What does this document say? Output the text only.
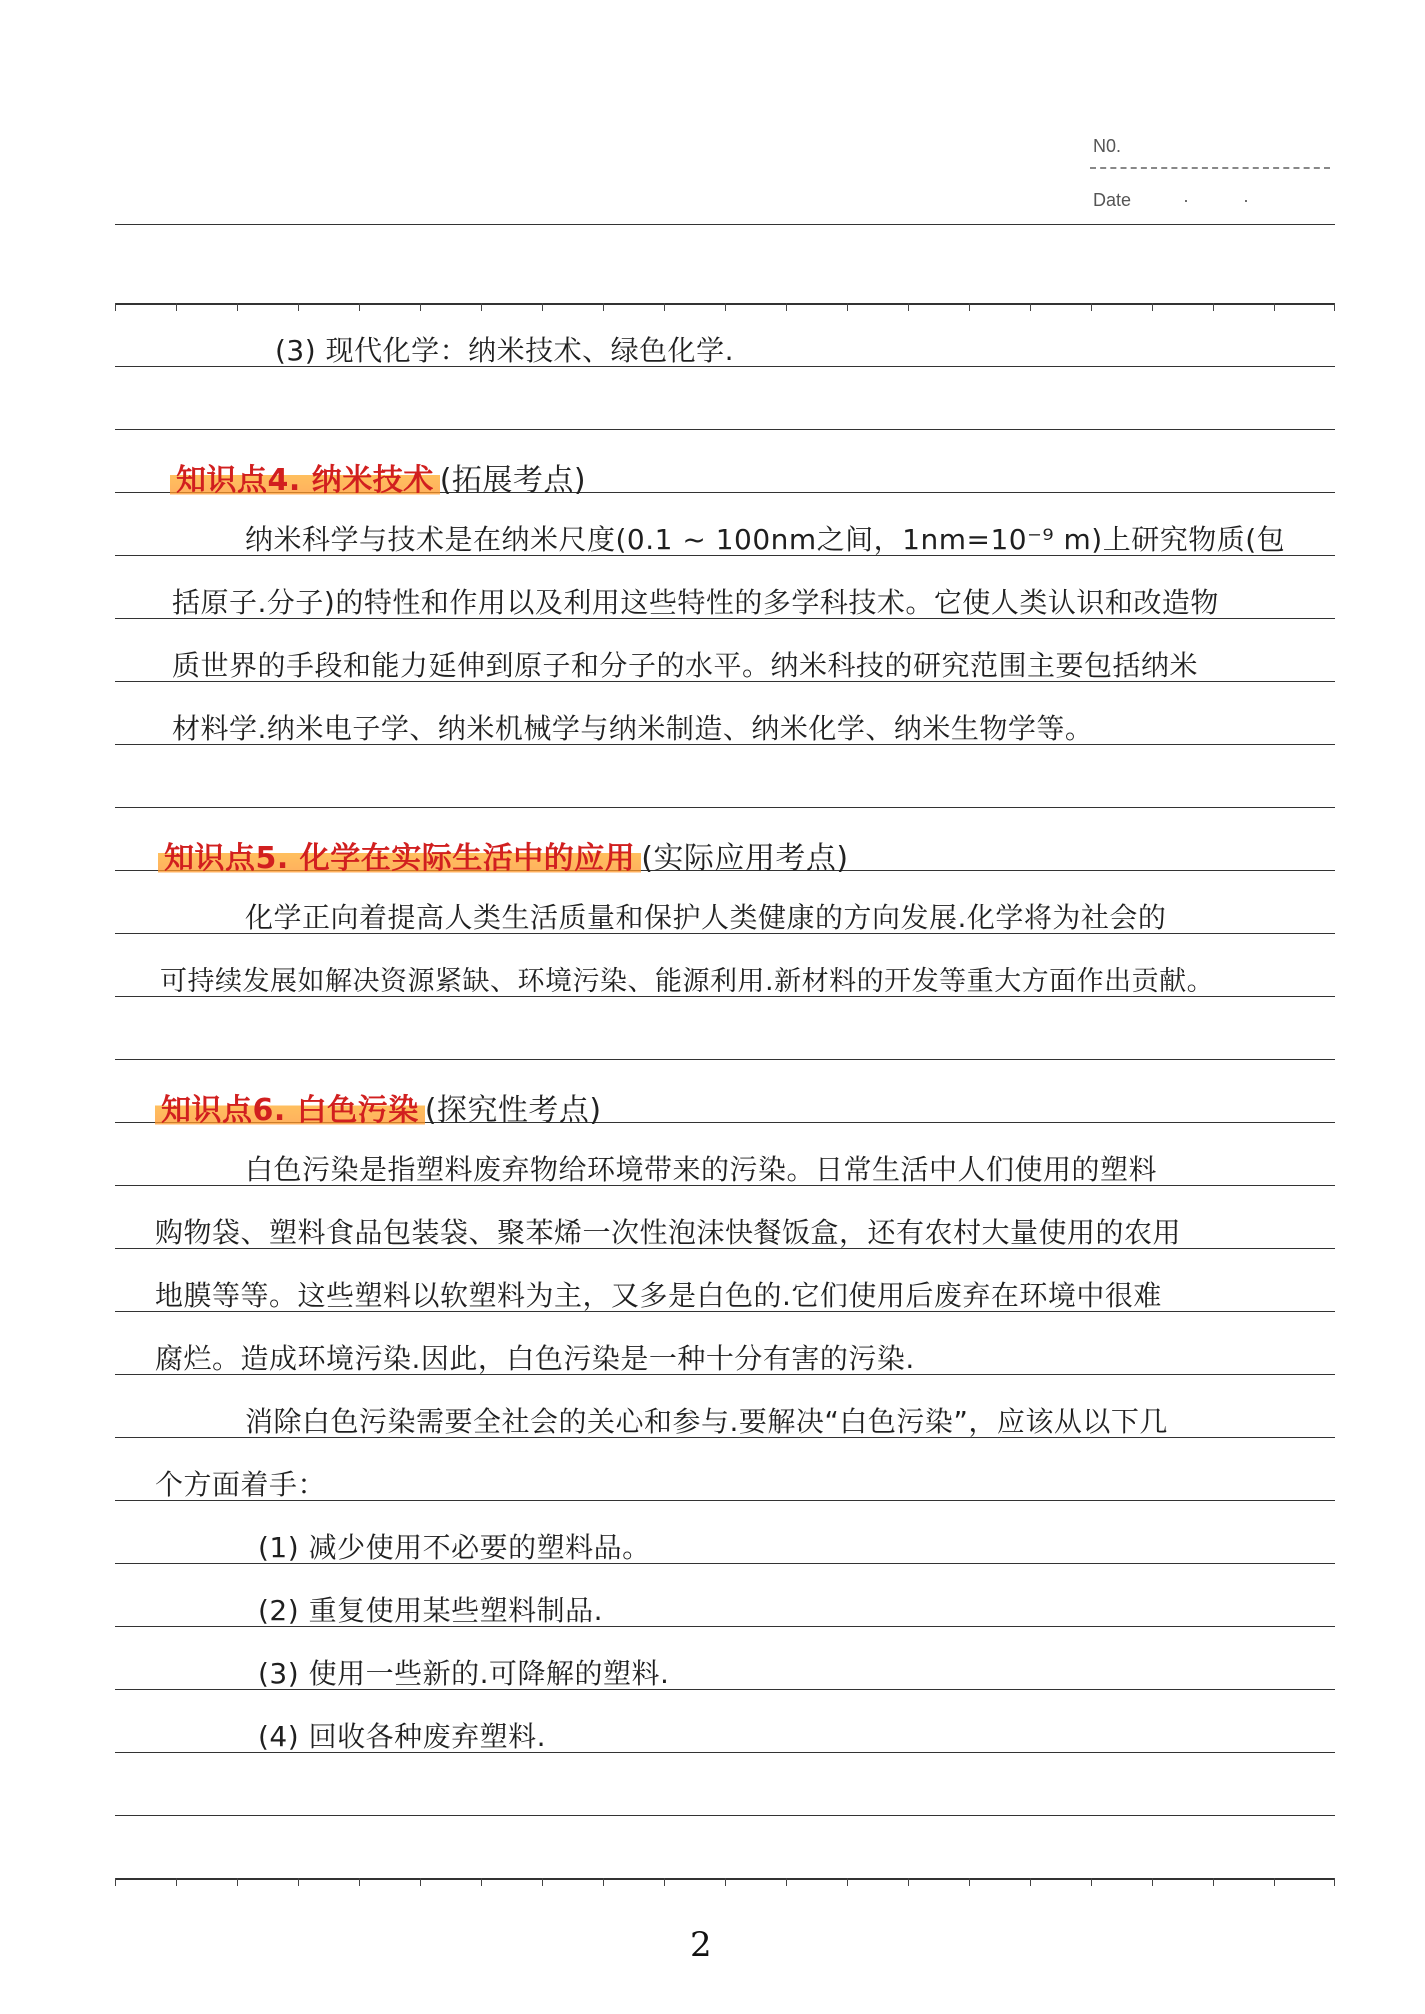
N0.
Date	·	·
(3) 现代化学：纳米技术、绿色化学.
知识点4. 纳米技术 (拓展考点)
纳米科学与技术是在纳米尺度(0.1 ~ 100nm之间，1nm=10⁻⁹ m)上研究物质(包
括原子.分子)的特性和作用以及利用这些特性的多学科技术。它使人类认识和改造物
质世界的手段和能力延伸到原子和分子的水平。纳米科技的研究范围主要包括纳米
材料学.纳米电子学、纳米机械学与纳米制造、纳米化学、纳米生物学等。
知识点5. 化学在实际生活中的应用 (实际应用考点)
化学正向着提高人类生活质量和保护人类健康的方向发展.化学将为社会的
可持续发展如解决资源紧缺、环境污染、能源利用.新材料的开发等重大方面作出贡献。
知识点6. 白色污染 (探究性考点)
白色污染是指塑料废弃物给环境带来的污染。日常生活中人们使用的塑料
购物袋、塑料食品包装袋、聚苯烯一次性泡沫快餐饭盒，还有农村大量使用的农用
地膜等等。这些塑料以软塑料为主，又多是白色的.它们使用后废弃在环境中很难
腐烂。造成环境污染.因此，白色污染是一种十分有害的污染.
消除白色污染需要全社会的关心和参与.要解决“白色污染”，应该从以下几
个方面着手：
(1) 减少使用不必要的塑料品。
(2) 重复使用某些塑料制品.
(3) 使用一些新的.可降解的塑料.
(4) 回收各种废弃塑料.
2
